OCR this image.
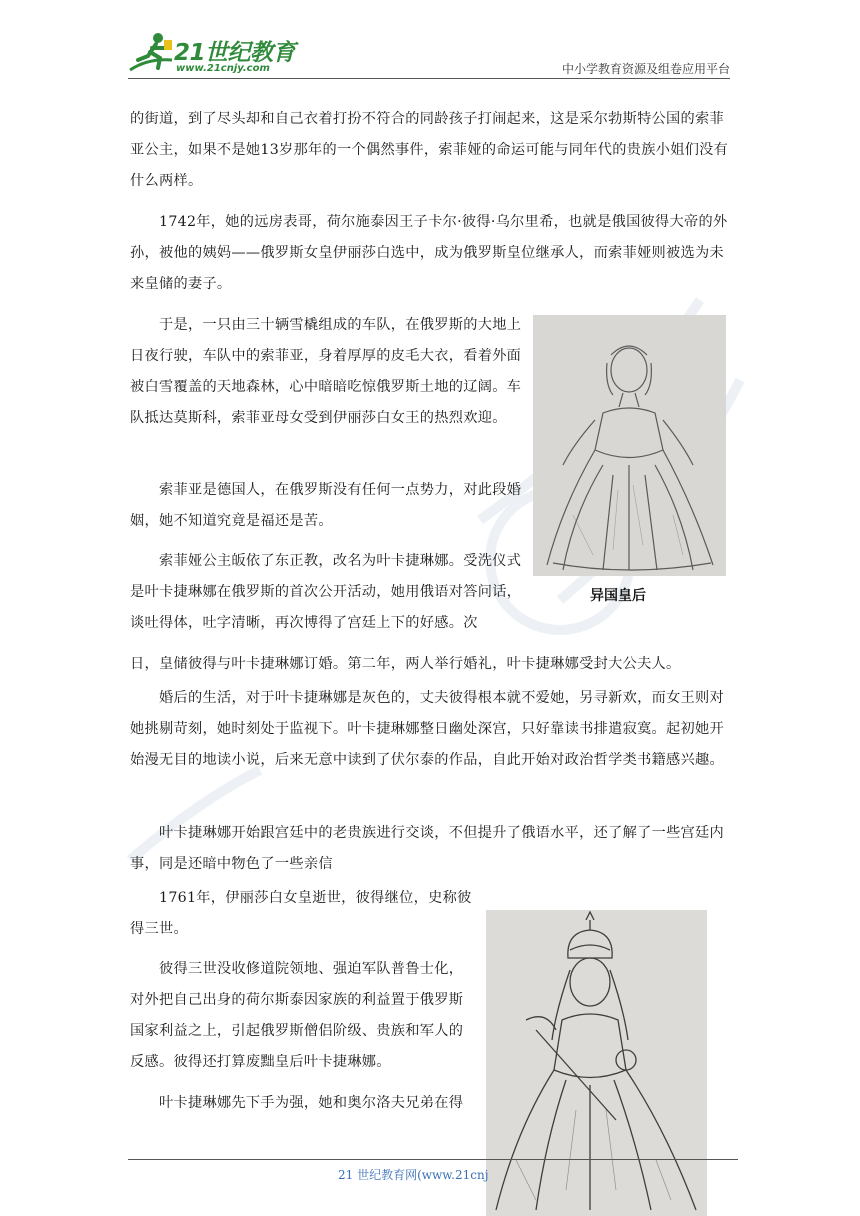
21世纪教育
www.21cnjy.com	中小学教育资源及组卷应用平台

的街道，到了尽头却和自己衣着打扮不符合的同龄孩子打闹起来，这是采尔勃斯特公国的索菲亚公主，如果不是她13岁那年的一个偶然事件，索菲娅的命运可能与同年代的贵族小姐们没有什么两样。

1742年，她的远房表哥，荷尔施泰因王子卡尔·彼得·乌尔里希，也就是俄国彼得大帝的外孙，被他的姨妈——俄罗斯女皇伊丽莎白选中，成为俄罗斯皇位继承人，而索菲娅则被选为未来皇储的妻子。

于是，一只由三十辆雪橇组成的车队，在俄罗斯的大地上日夜行驶，车队中的索菲亚，身着厚厚的皮毛大衣，看着外面被白雪覆盖的天地森林，心中暗暗吃惊俄罗斯土地的辽阔。车队抵达莫斯科，索菲亚母女受到伊丽莎白女王的热烈欢迎。

索菲亚是德国人，在俄罗斯没有任何一点势力，对此段婚姻，她不知道究竟是福还是苦。

索菲娅公主皈依了东正教，改名为叶卡捷琳娜。受洗仪式是叶卡捷琳娜在俄罗斯的首次公开活动，她用俄语对答问话，谈吐得体，吐字清晰，再次博得了宫廷上下的好感。次

日，皇储彼得与叶卡捷琳娜订婚。第二年，两人举行婚礼，叶卡捷琳娜受封大公夫人。

婚后的生活，对于叶卡捷琳娜是灰色的，丈夫彼得根本就不爱她，另寻新欢，而女王则对她挑剔苛刻，她时刻处于监视下。叶卡捷琳娜整日幽处深宫，只好靠读书排遣寂寞。起初她开始漫无目的地读小说，后来无意中读到了伏尔泰的作品，自此开始对政治哲学类书籍感兴趣。

叶卡捷琳娜开始跟宫廷中的老贵族进行交谈，不但提升了俄语水平，还了解了一些宫廷内事，同是还暗中物色了一些亲信

1761年，伊丽莎白女皇逝世，彼得继位，史称彼得三世。

彼得三世没收修道院领地、强迫军队普鲁士化，对外把自己出身的荷尔斯泰因家族的利益置于俄罗斯国家利益之上，引起俄罗斯僧侣阶级、贵族和军人的反感。彼得还打算废黜皇后叶卡捷琳娜。

叶卡捷琳娜先下手为强，她和奥尔洛夫兄弟在得

异国皇后
21 世纪教育网(www.21cnj
